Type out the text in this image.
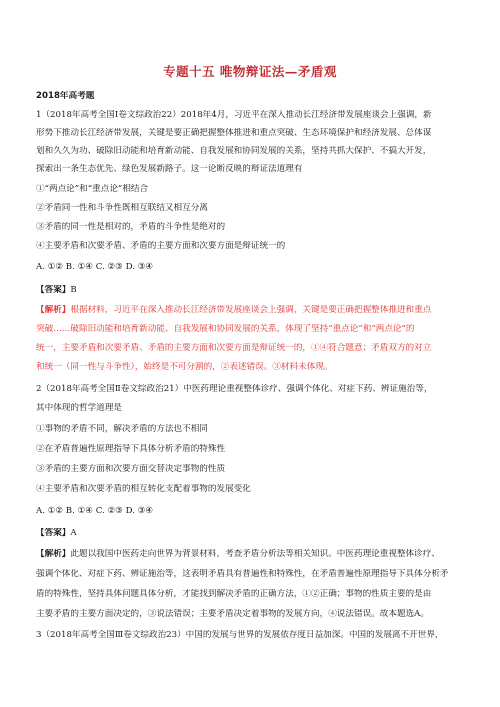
专题十五 唯物辩证法—矛盾观
2018年高考题
1（2018年高考全国Ⅰ卷文综政治22）2018年4月，习近平在深入推动长江经济带发展座谈会上强调，新
形势下推动长江经济带发展，关键是要正确把握整体推进和重点突破、生态环境保护和经济发展、总体谋
划和久久为功、破除旧动能和培育新动能、自我发展和协同发展的关系，坚持共抓大保护、不搞大开发，
探索出一条生态优先、绿色发展新路子。这一论断反映的辩证法道理有
①“两点论”和“重点论”相结合
②矛盾同一性和斗争性既相互联结又相互分离
③矛盾的同一性是相对的，矛盾的斗争性是绝对的
④主要矛盾和次要矛盾、矛盾的主要方面和次要方面是辩证统一的
A. ①② B. ①④ C. ②③ D. ③④
【答案】B
【解析】根据材料，习近平在深入推动长江经济带发展座谈会上强调，关键是要正确把握整体推进和重点
突破……破除旧动能和培育新动能、自我发展和协同发展的关系，体现了坚持“重点论”和“两点论”的
统一，主要矛盾和次要矛盾、矛盾的主要方面和次要方面是辩证统一的，①④符合题意；矛盾双方的对立
和统一（同一性与斗争性），始终是不可分割的，②表述错误。③材料未体现。
2（2018年高考全国Ⅱ卷文综政治21）中医药理论重视整体诊疗、强调个体化、对症下药、辨证施治等，
其中体现的哲学道理是
①事物的矛盾不同，解决矛盾的方法也不相同
②在矛盾普遍性原理指导下具体分析矛盾的特殊性
③矛盾的主要方面和次要方面交替决定事物的性质
④主要矛盾和次要矛盾的相互转化支配着事物的发展变化
A. ①② B. ①④ C. ②③ D. ③④
【答案】A
【解析】此题以我国中医药走向世界为背景材料，考查矛盾分析法等相关知识。中医药理论重视整体诊疗、
强调个体化、对症下药、辨证施治等，这表明矛盾具有普遍性和特殊性，在矛盾普遍性原理指导下具体分析矛
盾的特殊性，坚持具体问题具体分析，才能找到解决矛盾的正确方法，①②正确；事物的性质主要的是由
主要矛盾的主要方面决定的，③说法错误；主要矛盾决定着事物的发展方向，④说法错误。故本题选A。
3（2018年高考全国Ⅲ卷文综政治23）中国的发展与世界的发展依存度日益加深。中国的发展离不开世界，
